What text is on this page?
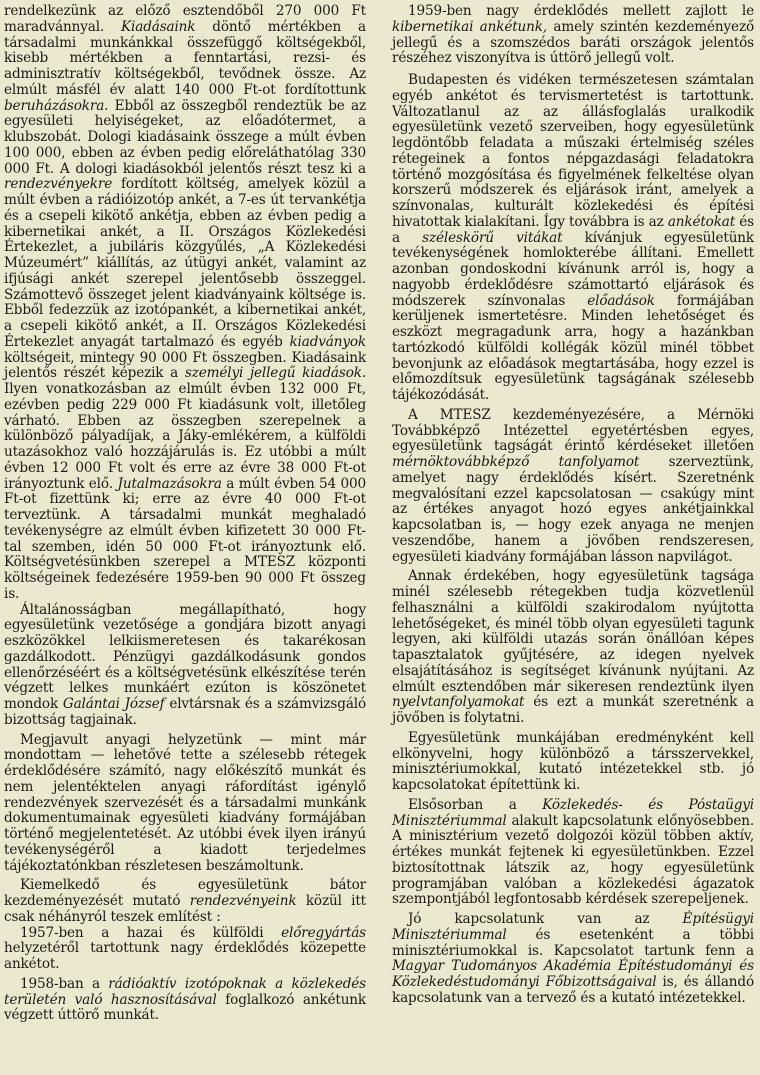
rendelkezünk az előző esztendőből 270 000 Ft maradvánnyal. Kiadásaink döntő mértékben a társadalmi munkánkkal összefüggő költségekből, kisebb mértékben a fenntartási, rezsi- és adminisztratív költségekből, tevődnek össze. Az elmúlt másfél év alatt 140 000 Ft-ot fordítottunk beruházásokra. Ebből az összegből rendeztük be az egyesületi helyiségeket, az előadótermet, a klubszobát. Dologi kiadásaink összege a múlt évben 100 000, ebben az évben pedig előreláthatólag 330 000 Ft. A dologi kiadásokból jelentős részt tesz ki a rendezvényekre fordított költség, amelyek közül a múlt évben a rádióizotóp ankét, a 7-es út tervankétja és a csepeli kikötő ankétja, ebben az évben pedig a kibernetikai ankét, a II. Országos Közlekedési Értekezlet, a jubiláris közgyűlés, „A Közlekedési Múzeumért” kiállítás, az útügyi ankét, valamint az ifjúsági ankét szerepel jelentősebb összeggel. Számottevő összeget jelent kiadványaink költsége is. Ebből fedezzük az izotópankét, a kibernetikai ankét, a csepeli kikötő ankét, a II. Országos Közlekedési Értekezlet anyagát tartalmazó és egyéb kiadványok költségeit, mintegy 90 000 Ft összegben. Kiadásaink jelentős részét képezik a személyi jellegű kiadások. Ilyen vonatkozásban az elmúlt évben 132 000 Ft, ezévben pedig 229 000 Ft kiadásunk volt, illetőleg várható. Ebben az összegben szerepelnek a különböző pályadíjak, a Jáky-emlékérem, a külföldi utazásokhoz való hozzájárulás is. Ez utóbbi a múlt évben 12 000 Ft volt és erre az évre 38 000 Ft-ot irányoztunk elő. Jutalmazásokra a múlt évben 54 000 Ft-ot fizettünk ki; erre az évre 40 000 Ft-ot terveztünk. A társadalmi munkát meghaladó tevékenységre az elmúlt évben kifizetett 30 000 Ft-tal szemben, idén 50 000 Ft-ot irányoztunk elő. Költségvetésünkben szerepel a MTESZ központi költségeinek fedezésére 1959-ben 90 000 Ft összeg is.

Általánosságban megállapítható, hogy egyesületünk vezetősége a gondjára bizott anyagi eszközökkel lelkiismeretesen és takarékosan gazdálkodott. Pénzügyi gazdálkodásunk gondos ellenőrzéséért és a költségvetésünk elkészítése terén végzett lelkes munkáért ezúton is köszönetet mondok Galántai József elvtársnak és a számvizsgáló bizottság tagjainak.

Megjavult anyagi helyzetünk — mint már mondottam — lehetővé tette a szélesebb rétegek érdeklődésére számító, nagy előkészítő munkát és nem jelentéktelen anyagi ráfordítást igénylő rendezvények szervezését és a társadalmi munkánk dokumentumainak egyesületi kiadvány formájában történő megjelentetését. Az utóbbi évek ilyen irányú tevékenységéről a kiadott terjedelmes tájékoztatónkban részletesen beszámoltunk.

Kiemelkedő és egyesületünk bátor kezdeményezését mutató rendezvényeink közül itt csak néhányról teszek említést :

1957-ben a hazai és külföldi előregyártás helyzetéről tartottunk nagy érdeklődés közepette ankétot.

1958-ban a rádióaktív izotópoknak a közlekedés területén való hasznosításával foglalkozó ankétunk végzett úttörő munkát.

1959-ben nagy érdeklődés mellett zajlott le kibernetikai ankétunk, amely szintén kezdeményező jellegű és a szomszédos baráti országok jelentős részéhez viszonyítva is úttörő jellegű volt.

Budapesten és vidéken természetesen számtalan egyéb ankétot és tervismertetést is tartottunk. Változatlanul az az állásfoglalás uralkodik egyesületünk vezető szerveiben, hogy egyesületünk legdöntőbb feladata a műszaki értelmiség széles rétegeinek a fontos népgazdasági feladatokra történő mozgósítása és figyelmének felkeltése olyan korszerű módszerek és eljárások iránt, amelyek a színvonalas, kulturált közlekedési és építési hivatottak kialakítani. Így továbbra is az ankétokat és a széleskörű vitákat kívánjuk egyesületünk tevékenységének homlokterébe állítani. Emellett azonban gondoskodni kívánunk arról is, hogy a nagyobb érdeklődésre számottartó eljárások és módszerek színvonalas előadások formájában kerüljenek ismertetésre. Minden lehetőséget és eszközt megragadunk arra, hogy a hazánkban tartózkodó külföldi kollégák közül minél többet bevonjunk az előadások megtartásába, hogy ezzel is előmozdítsuk egyesületünk tagságának szélesebb tájékozódását.

A MTESZ kezdeményezésére, a Mérnöki Továbbképző Intézettel egyetértésben egyes, egyesületünk tagságát érintő kérdéseket illetően mérnöktovábbképző tanfolyamot szerveztünk, amelyet nagy érdeklődés kísért. Szeretnénk megvalósítani ezzel kapcsolatosan — csakúgy mint az értékes anyagot hozó egyes ankétjainkkal kapcsolatban is, — hogy ezek anyaga ne menjen veszendőbe, hanem a jövőben rendszeresen, egyesületi kiadvány formájában lásson napvilágot.

Annak érdekében, hogy egyesületünk tagsága minél szélesebb rétegekben tudja közvetlenül felhasználni a külföldi szakirodalom nyújtotta lehetőségeket, és minél több olyan egyesületi tagunk legyen, aki külföldi utazás során önállóan képes tapasztalatok gyűjtésére, az idegen nyelvek elsajátításához is segítséget kívánunk nyújtani. Az elmúlt esztendőben már sikeresen rendeztünk ilyen nyelvtanfolyamokat és ezt a munkát szeretnénk a jövőben is folytatni.

Egyesületünk munkájában eredményként kell elkönyvelni, hogy különböző a társszervekkel, minisztériumokkal, kutató intézetekkel stb. jó kapcsolatokat építettünk ki.

Elsősorban a Közlekedés- és Póstaügyi Minisztériummal alakult kapcsolatunk előnyösebben. A minisztérium vezető dolgozói közül többen aktív, értékes munkát fejtenek ki egyesületünkben. Ezzel biztosítottnak látszik az, hogy egyesületünk programjában valóban a közlekedési ágazatok szempontjából legfontosabb kérdések szerepeljenek.

Jó kapcsolatunk van az Építésügyi Minisztériummal és esetenként a többi minisztériumokkal is. Kapcsolatot tartunk fenn a Magyar Tudományos Akadémia Építéstudományi és Közlekedéstudományi Főbizottságaival is, és állandó kapcsolatunk van a tervező és a kutató intézetekkel.
